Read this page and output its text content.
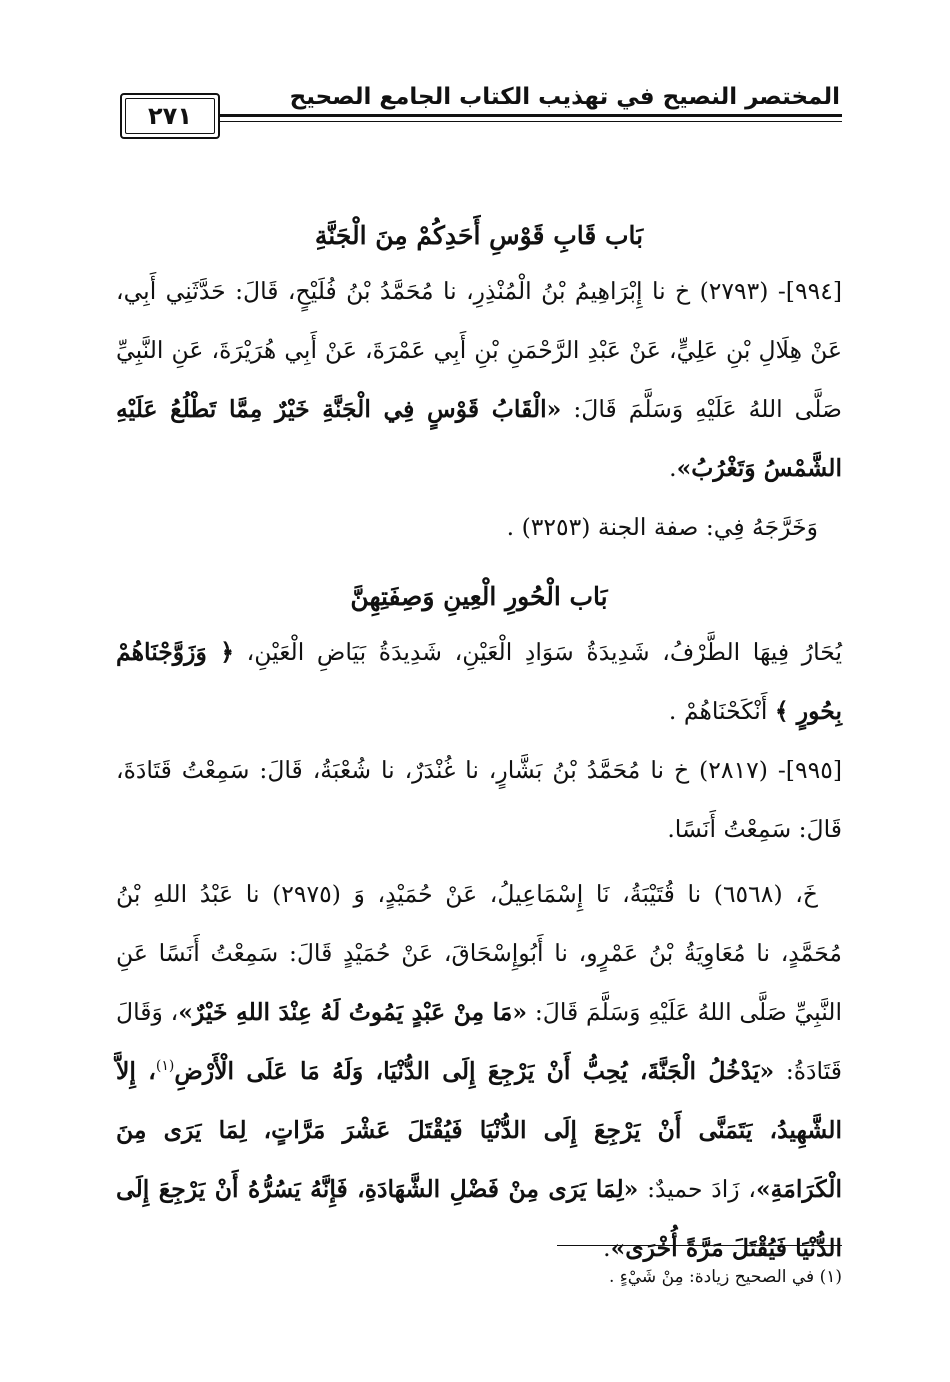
المختصر النصيح في تهذيب الكتاب الجامع الصحيح
٢٧١
بَاب قَابِ قَوْسِ أَحَدِكُمْ مِنَ الْجَنَّةِ

[٩٩٤]- (٢٧٩٣) خ نا إِبْرَاهِيمُ بْنُ الْمُنْذِرِ، نا مُحَمَّدُ بْنُ فُلَيْحٍ، قَالَ: حَدَّثَنِي أَبِي، عَنْ هِلَالِ بْنِ عَلِيٍّ، عَنْ عَبْدِ الرَّحْمَنِ بْنِ أَبِي عَمْرَةَ، عَنْ أَبِي هُرَيْرَةَ، عَنِ النَّبِيِّ صَلَّى اللهُ عَلَيْهِ وَسَلَّمَ قَالَ: «الْقَابُ قَوْسٍ فِي الْجَنَّةِ خَيْرٌ مِمَّا تَطْلُعُ عَلَيْهِ الشَّمْسُ وَتَغْرُبُ».

وَخَرَّجَهُ فِي: صفة الجنة (٣٢٥٣) .

بَاب الْحُورِ الْعِينِ وَصِفَتِهِنَّ

يُحَارُ فِيهَا الطَّرْفُ، شَدِيدَةُ سَوَادِ الْعَيْنِ، شَدِيدَةُ بَيَاضِ الْعَيْنِ، ﴿ وَزَوَّجْنَاهُمْ بِحُورٍ ﴾ أَنْكَحْنَاهُمْ .

[٩٩٥]- (٢٨١٧) خ نا مُحَمَّدُ بْنُ بَشَّارٍ، نا غُنْدَرٌ، نا شُعْبَةُ، قَالَ: سَمِعْتُ قَتَادَةَ، قَالَ: سَمِعْتُ أَنَسًا.

خَ، (٦٥٦٨) نا قُتَيْبَةُ، نَا إِسْمَاعِيلُ، عَنْ حُمَيْدٍ، وَ (٢٩٧٥) نا عَبْدُ اللهِ بْنُ مُحَمَّدٍ، نا مُعَاوِيَةُ بْنُ عَمْرٍو، نا أَبُوإِسْحَاقَ، عَنْ حُمَيْدٍ قَالَ: سَمِعْتُ أَنَسًا عَنِ النَّبِيِّ صَلَّى اللهُ عَلَيْهِ وَسَلَّمَ قَالَ: «مَا مِنْ عَبْدٍ يَمُوتُ لَهُ عِنْدَ اللهِ خَيْرٌ»، وَقَالَ قَتَادَةُ: «يَدْخُلُ الْجَنَّةَ، يُحِبُّ أَنْ يَرْجِعَ إِلَى الدُّنْيَا، وَلَهُ مَا عَلَى الْأَرْضِ$^{(١)}$، إِلاَّ الشَّهِيدُ، يَتَمَنَّى أَنْ يَرْجِعَ إِلَى الدُّنْيَا فَيُقْتَلَ عَشْرَ مَرَّاتٍ، لِمَا يَرَى مِنَ الْكَرَامَةِ»، زَادَ حميدٌ: «لِمَا يَرَى مِنْ فَضْلِ الشَّهَادَةِ، فَإِنَّهُ يَسُرُّهُ أَنْ يَرْجِعَ إِلَى الدُّنْيَا فَيُقْتَلَ مَرَّةً أُخْرَى».

(١) في الصحيح زيادة: مِنْ شَيْءٍ .
